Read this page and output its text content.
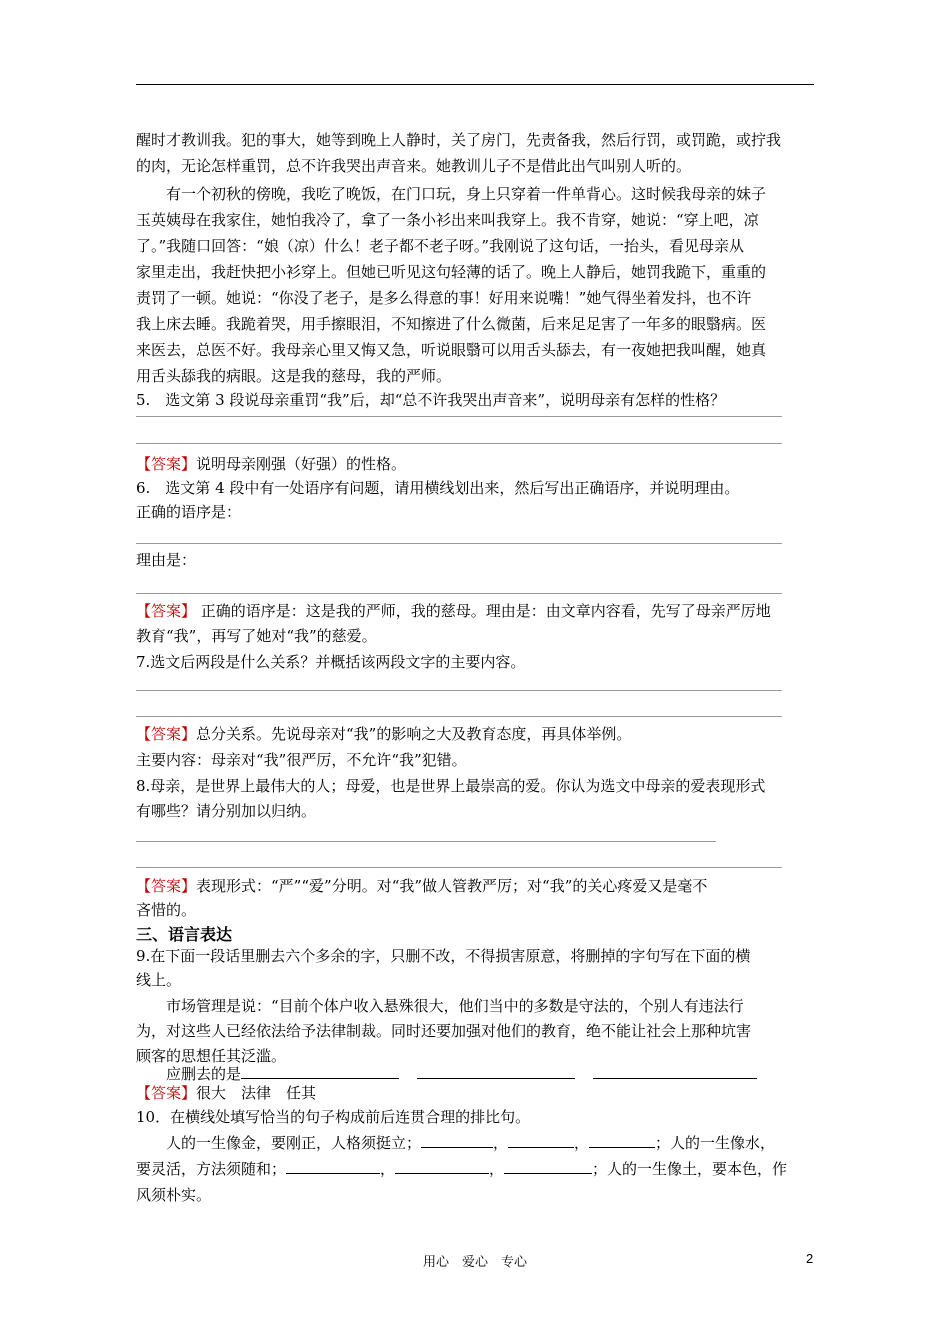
醒时才教训我。犯的事大，她等到晚上人静时，关了房门，先责备我，然后行罚，或罚跪，或拧我
的肉，无论怎样重罚，总不许我哭出声音来。她教训儿子不是借此出气叫别人听的。
有一个初秋的傍晚，我吃了晚饭，在门口玩，身上只穿着一件单背心。这时候我母亲的妹子
玉英姨母在我家住，她怕我冷了，拿了一条小衫出来叫我穿上。我不肯穿，她说：“穿上吧，凉
了。”我随口回答：“娘（凉）什么！老子都不老子呀。”我刚说了这句话，一抬头，看见母亲从
家里走出，我赶快把小衫穿上。但她已听见这句轻薄的话了。晚上人静后，她罚我跪下，重重的
责罚了一顿。她说：“你没了老子，是多么得意的事！好用来说嘴！”她气得坐着发抖，也不许
我上床去睡。我跪着哭，用手擦眼泪，不知擦进了什么微菌，后来足足害了一年多的眼翳病。医
来医去，总医不好。我母亲心里又悔又急，听说眼翳可以用舌头舔去，有一夜她把我叫醒，她真
用舌头舔我的病眼。这是我的慈母，我的严师。
5.　选文第 3 段说母亲重罚“我”后，却“总不许我哭出声音来”，说明母亲有怎样的性格？
【答案】说明母亲刚强（好强）的性格。
6.　选文第 4 段中有一处语序有问题，请用横线划出来，然后写出正确语序，并说明理由。
正确的语序是：
理由是：
【答案】 正确的语序是：这是我的严师，我的慈母。理由是：由文章内容看，先写了母亲严厉地
教育“我”，再写了她对“我”的慈爱。
7.选文后两段是什么关系？并概括该两段文字的主要内容。
【答案】总分关系。先说母亲对“我”的影响之大及教育态度，再具体举例。
主要内容：母亲对“我”很严厉，不允许“我”犯错。
8.母亲，是世界上最伟大的人；母爱，也是世界上最崇高的爱。你认为选文中母亲的爱表现形式
有哪些？请分别加以归纳。
【答案】表现形式：“严”“爱”分明。对“我”做人管教严厉；对“我”的关心疼爱又是毫不
吝惜的。
三、语言表达
9.在下面一段话里删去六个多余的字，只删不改，不得损害原意，将删掉的字句写在下面的横
线上。
市场管理是说：“目前个体户收入悬殊很大，他们当中的多数是守法的，个别人有违法行
为，对这些人已经依法给予法律制裁。同时还要加强对他们的教育，绝不能让社会上那种坑害
顾客的思想任其泛滥。
应删去的是
【答案】很大　法律　任其
10．在横线处填写恰当的句子构成前后连贯合理的排比句。
人的一生像金，要刚正，人格须挺立；	，	，	；人的一生像水，
要灵活，方法须随和；	，	，	；人的一生像土，要本色，作
风须朴实。
用心　爱心　专心	2
